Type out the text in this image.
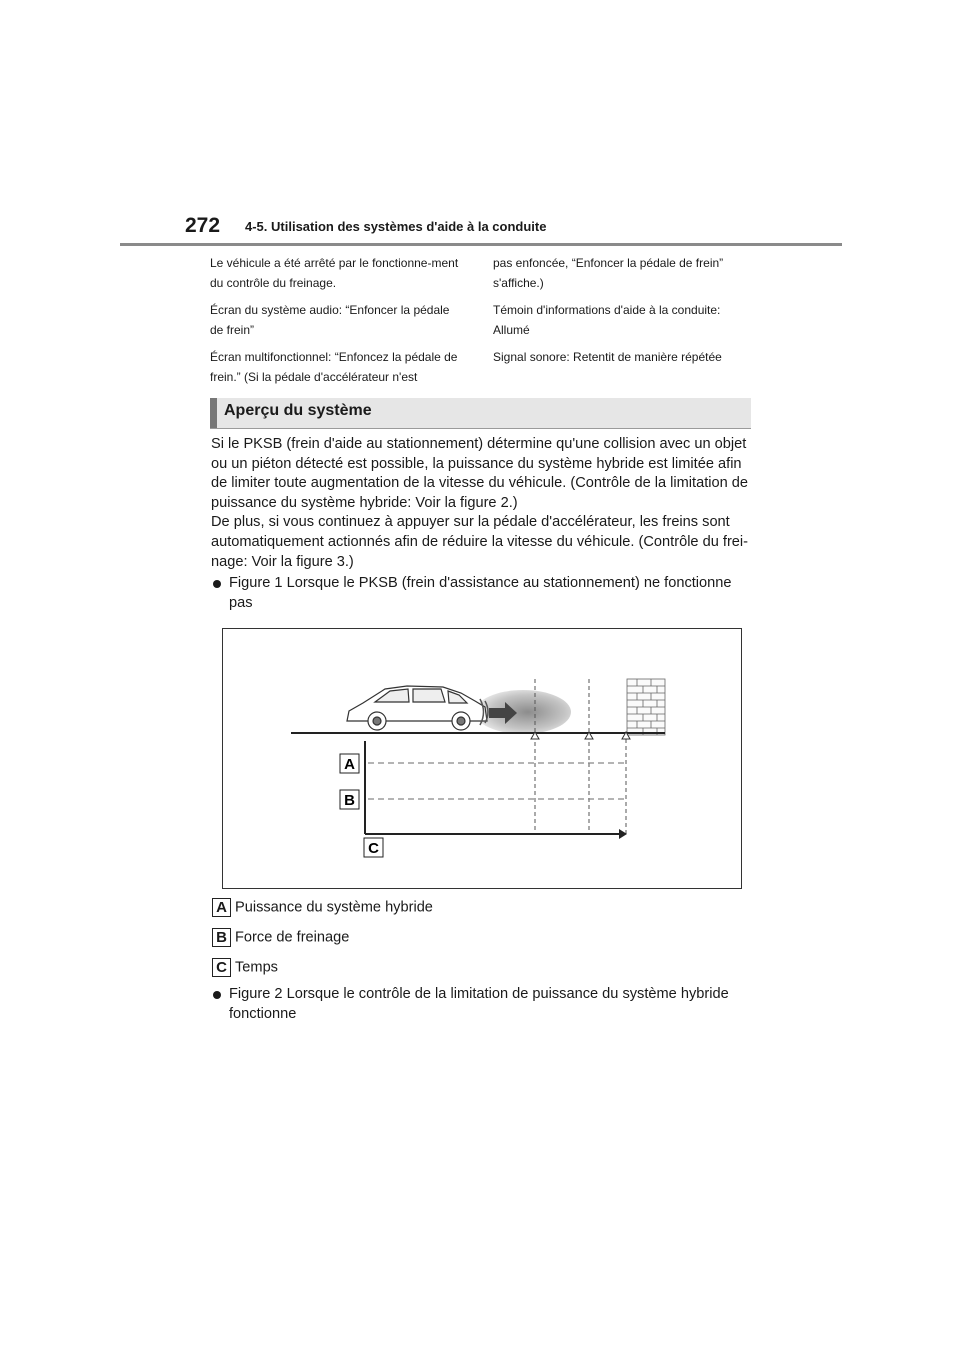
272 4-5. Utilisation des systèmes d'aide à la conduite

Le véhicule a été arrêté par le fonctionne-ment du contrôle du freinage.

Écran du système audio: “Enfoncer la pédale de frein”

Écran multifonctionnel: “Enfoncez la pédale de frein.” (Si la pédale d'accélérateur n'est

pas enfoncée, “Enfoncer la pédale de frein” s'affiche.)

Témoin d'informations d'aide à la conduite: Allumé

Signal sonore: Retentit de manière répétée

Aperçu du système

Si le PKSB (frein d'aide au stationnement) détermine qu'une collision avec un objet ou un piéton détecté est possible, la puissance du système hybride est limitée afin de limiter toute augmentation de la vitesse du véhicule. (Contrôle de la limitation de puissance du système hybride: Voir la figure 2.)

De plus, si vous continuez à appuyer sur la pédale d'accélérateur, les freins sont automatiquement actionnés afin de réduire la vitesse du véhicule. (Contrôle du frei-nage: Voir la figure 3.)

Figure 1 Lorsque le PKSB (frein d'assistance au stationnement) ne fonctionne pas
A
B
C
A Puissance du système hybride
B Force de freinage
C Temps
Figure 2 Lorsque le contrôle de la limitation de puissance du système hybride fonctionne
